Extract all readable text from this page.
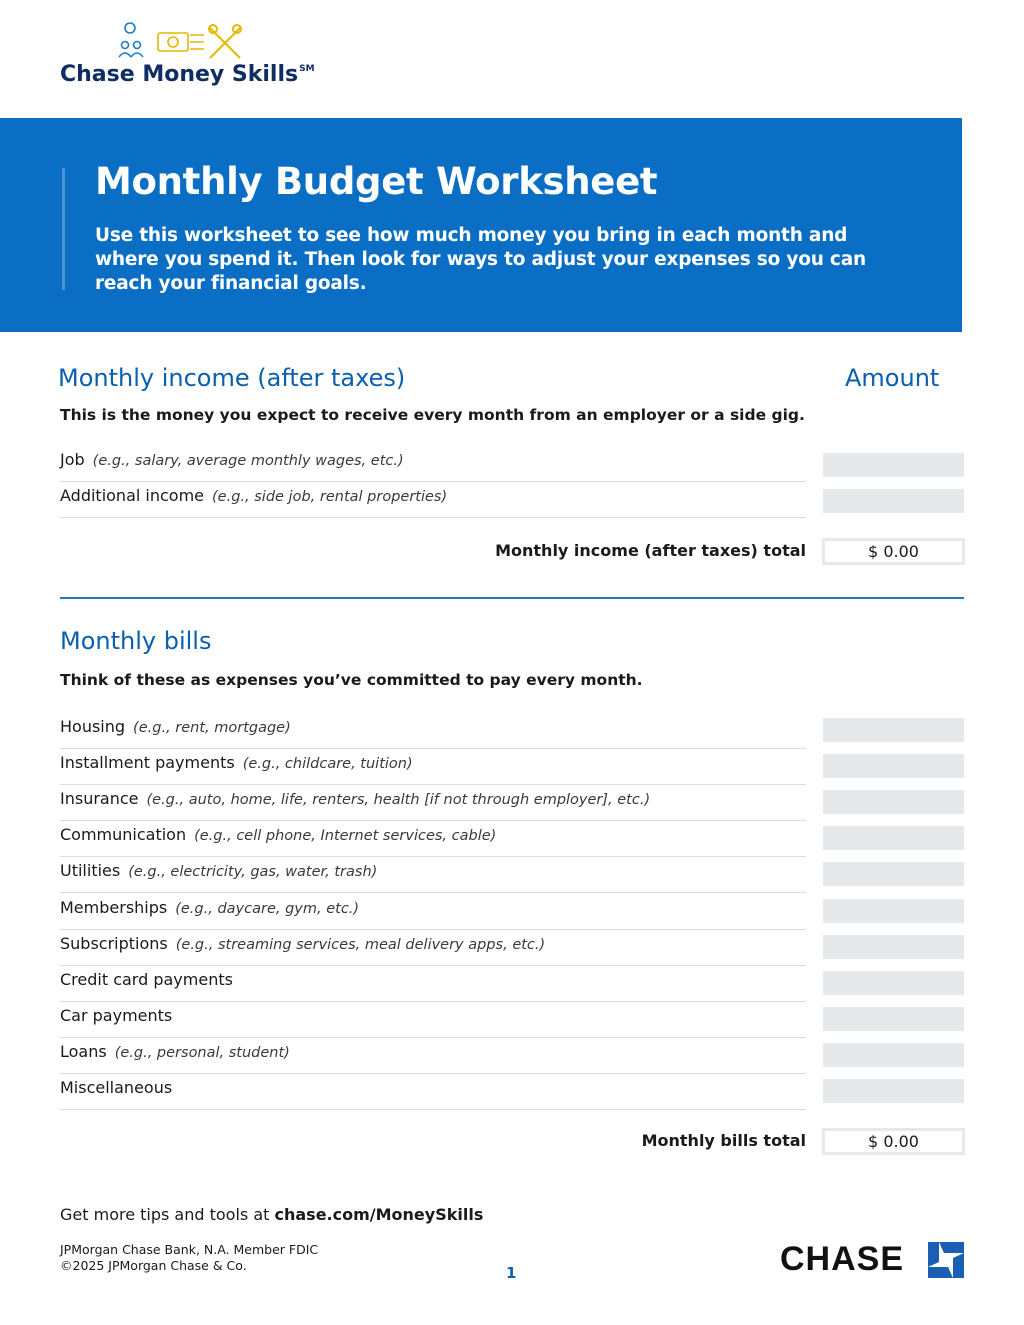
Chase Money Skills℠
Monthly Budget Worksheet
Use this worksheet to see how much money you bring in each month and where you spend it. Then look for ways to adjust your expenses so you can reach your financial goals.
Monthly income (after taxes)	Amount
This is the money you expect to receive every month from an employer or a side gig.
Job (e.g., salary, average monthly wages, etc.)
Additional income (e.g., side job, rental properties)
Monthly income (after taxes) total	$ 0.00
Monthly bills
Think of these as expenses you’ve committed to pay every month.
Housing (e.g., rent, mortgage)
Installment payments (e.g., childcare, tuition)
Insurance (e.g., auto, home, life, renters, health [if not through employer], etc.)
Communication (e.g., cell phone, Internet services, cable)
Utilities (e.g., electricity, gas, water, trash)
Memberships (e.g., daycare, gym, etc.)
Subscriptions (e.g., streaming services, meal delivery apps, etc.)
Credit card payments
Car payments
Loans (e.g., personal, student)
Miscellaneous
Monthly bills total	$ 0.00
Get more tips and tools at chase.com/MoneySkills
JPMorgan Chase Bank, N.A. Member FDIC
©2025 JPMorgan Chase & Co.	1	CHASE
